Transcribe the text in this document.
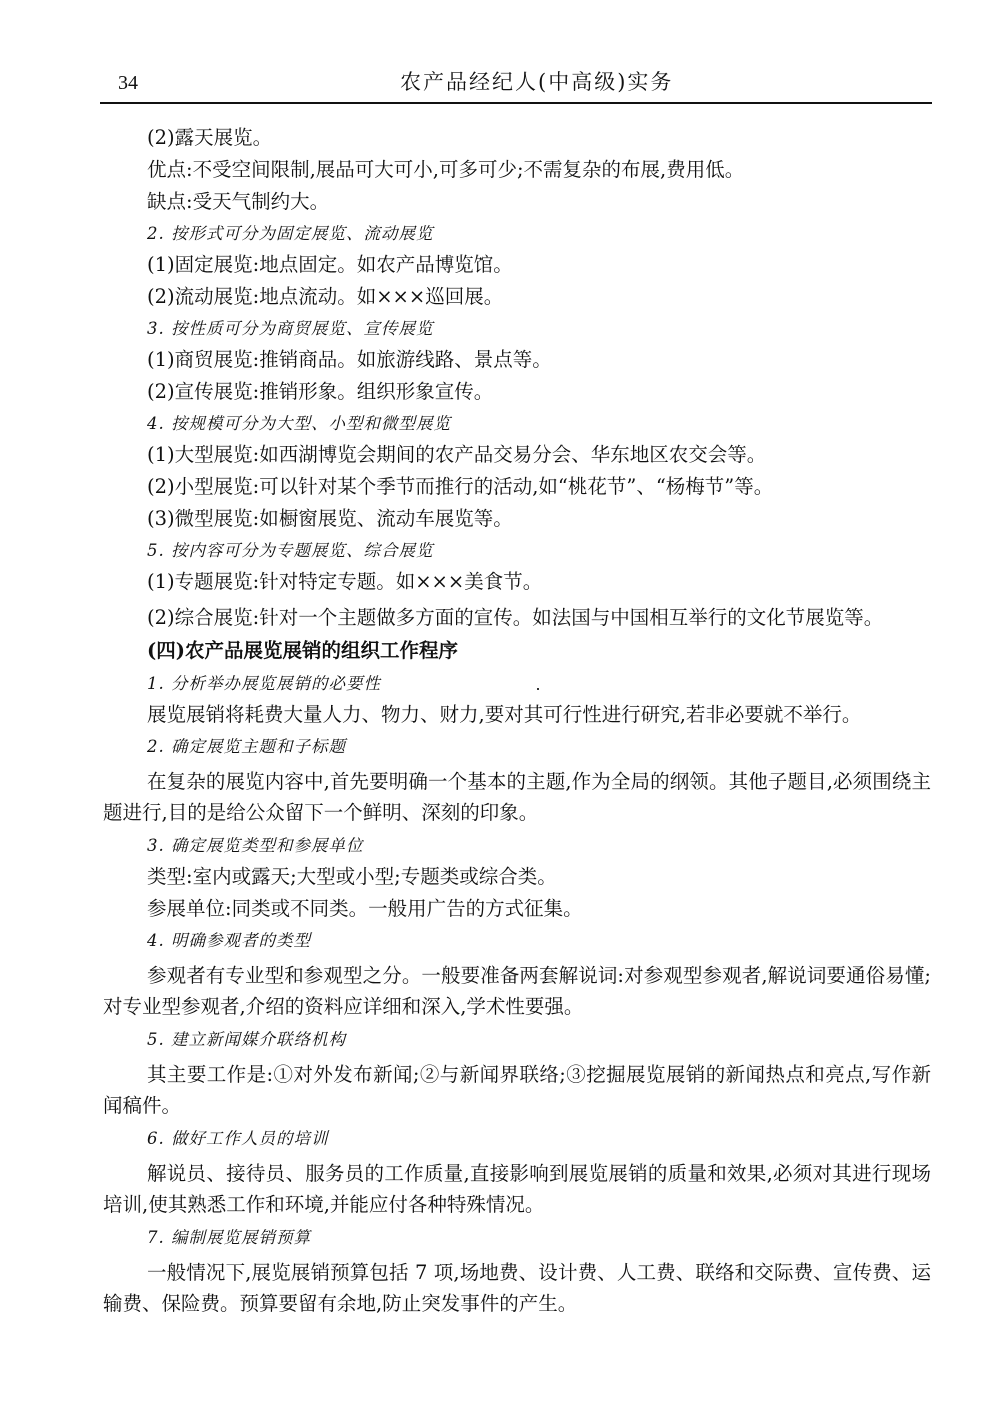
34	农产品经纪人(中高级)实务

(2)露天展览。

优点:不受空间限制,展品可大可小,可多可少;不需复杂的布展,费用低。

缺点:受天气制约大。

2. 按形式可分为固定展览、流动展览

(1)固定展览:地点固定。如农产品博览馆。

(2)流动展览:地点流动。如×××巡回展。

3. 按性质可分为商贸展览、宣传展览

(1)商贸展览:推销商品。如旅游线路、景点等。

(2)宣传展览:推销形象。组织形象宣传。

4. 按规模可分为大型、小型和微型展览

(1)大型展览:如西湖博览会期间的农产品交易分会、华东地区农交会等。

(2)小型展览:可以针对某个季节而推行的活动,如“桃花节”、“杨梅节”等。

(3)微型展览:如橱窗展览、流动车展览等。

5. 按内容可分为专题展览、综合展览

(1)专题展览:针对特定专题。如×××美食节。

(2)综合展览:针对一个主题做多方面的宣传。如法国与中国相互举行的文化节展览等。

(四)农产品展览展销的组织工作程序

1. 分析举办展览展销的必要性

展览展销将耗费大量人力、物力、财力,要对其可行性进行研究,若非必要就不举行。

2. 确定展览主题和子标题

在复杂的展览内容中,首先要明确一个基本的主题,作为全局的纲领。其他子题目,必须围绕主题进行,目的是给公众留下一个鲜明、深刻的印象。

3. 确定展览类型和参展单位

类型:室内或露天;大型或小型;专题类或综合类。

参展单位:同类或不同类。一般用广告的方式征集。

4. 明确参观者的类型

参观者有专业型和参观型之分。一般要准备两套解说词:对参观型参观者,解说词要通俗易懂;对专业型参观者,介绍的资料应详细和深入,学术性要强。

5. 建立新闻媒介联络机构

其主要工作是:①对外发布新闻;②与新闻界联络;③挖掘展览展销的新闻热点和亮点,写作新闻稿件。

6. 做好工作人员的培训

解说员、接待员、服务员的工作质量,直接影响到展览展销的质量和效果,必须对其进行现场培训,使其熟悉工作和环境,并能应付各种特殊情况。

7. 编制展览展销预算

一般情况下,展览展销预算包括 7 项,场地费、设计费、人工费、联络和交际费、宣传费、运输费、保险费。预算要留有余地,防止突发事件的产生。
